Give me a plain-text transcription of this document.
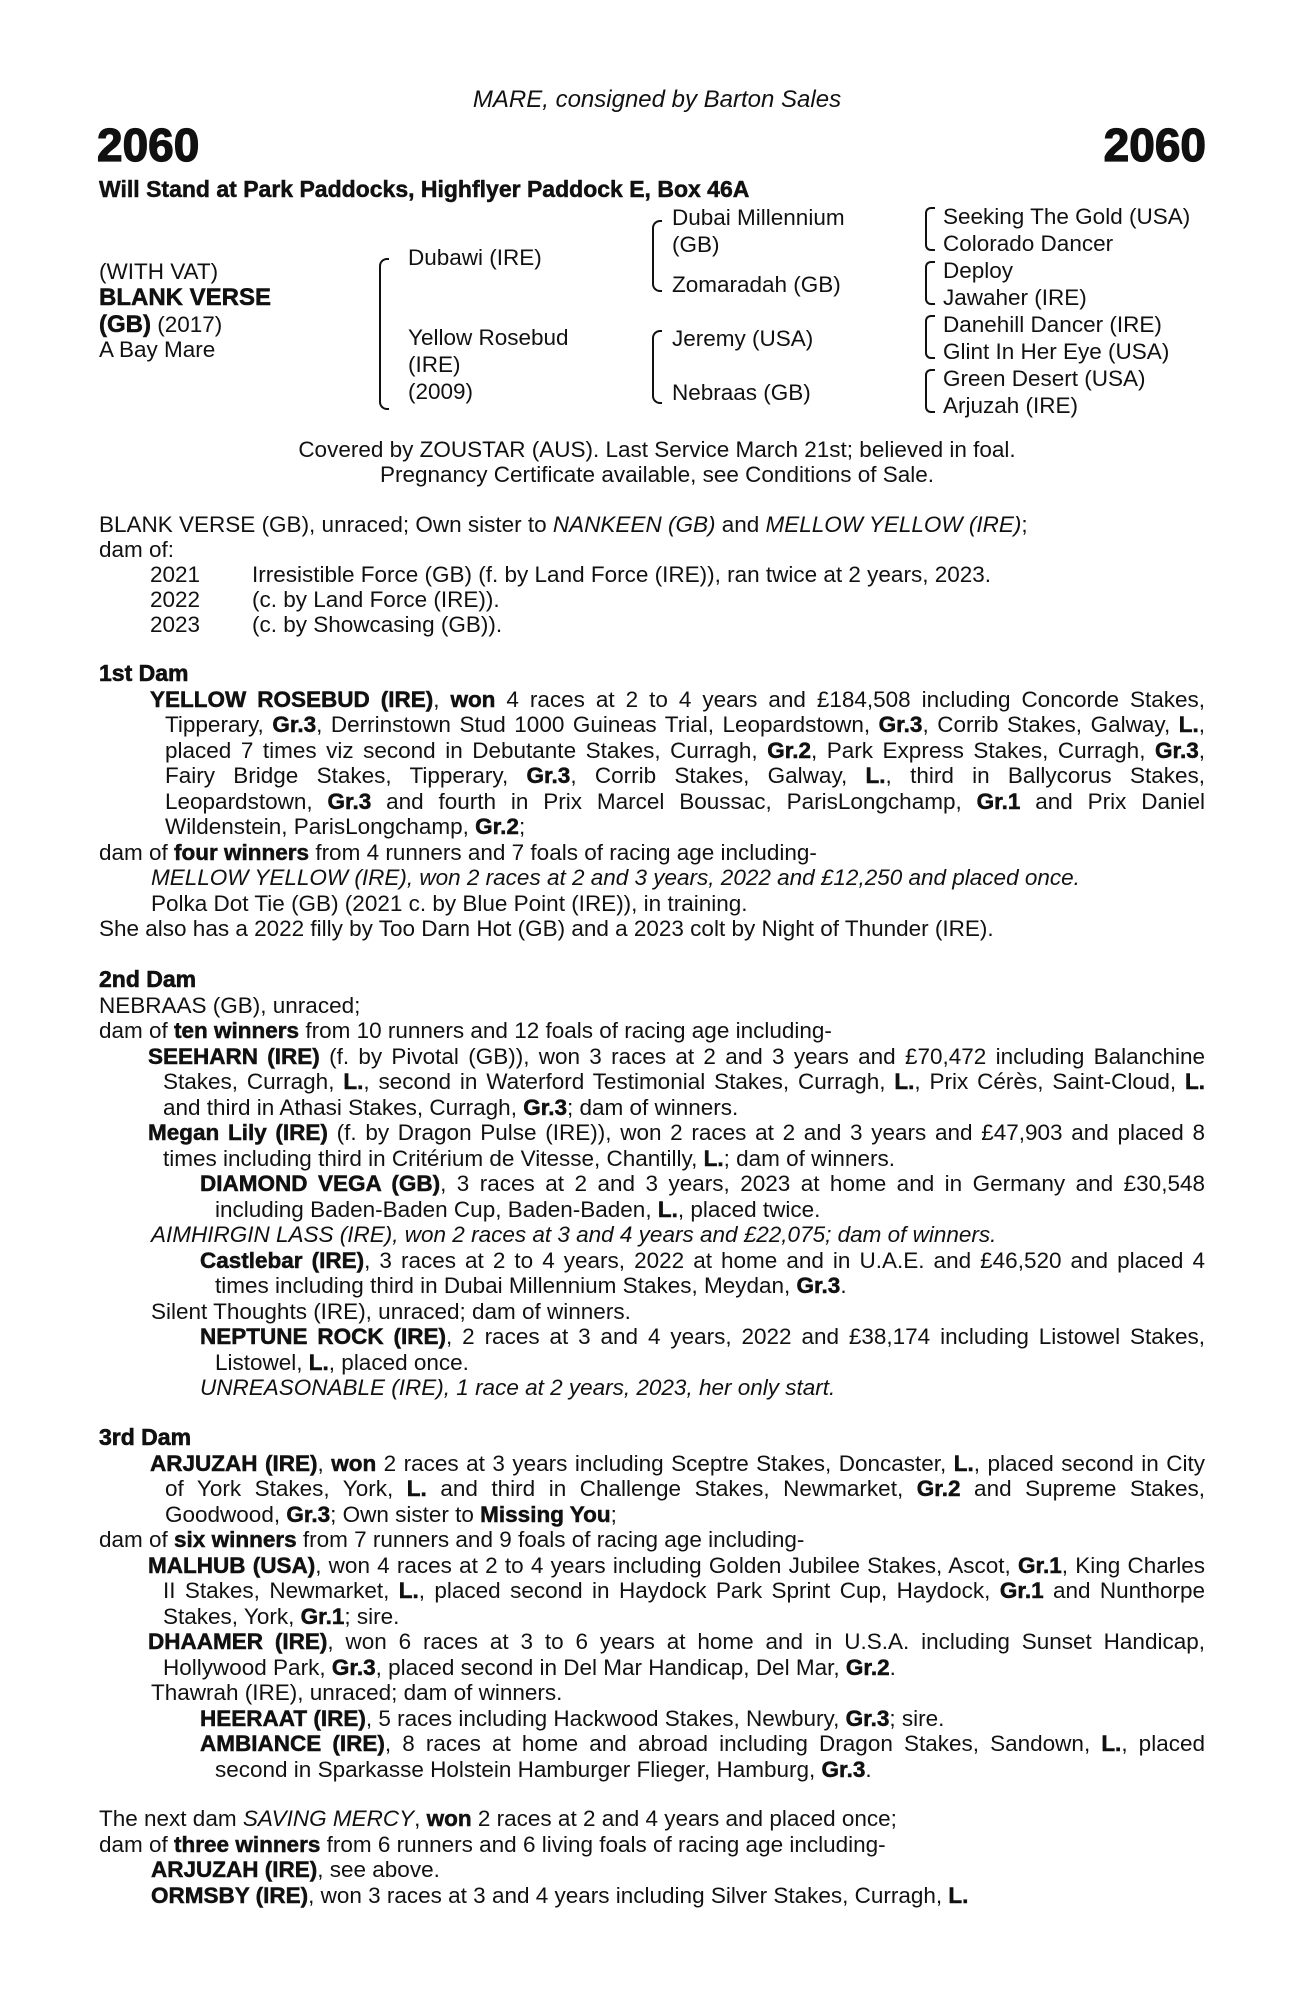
MARE, consigned by Barton Sales
2060	2060
Will Stand at Park Paddocks, Highflyer Paddock E, Box 46A
(WITH VAT)
BLANK VERSE
(GB) (2017)
A Bay Mare
Dubawi (IRE)
Yellow Rosebud
(IRE)
(2009)
Dubai Millennium
(GB)
Zomaradah (GB)
Jeremy (USA)
Nebraas (GB)
Seeking The Gold (USA)
Colorado Dancer
Deploy
Jawaher (IRE)
Danehill Dancer (IRE)
Glint In Her Eye (USA)
Green Desert (USA)
Arjuzah (IRE)
Covered by ZOUSTAR (AUS). Last Service March 21st; believed in foal.
Pregnancy Certificate available, see Conditions of Sale.
BLANK VERSE (GB), unraced; Own sister to NANKEEN (GB) and MELLOW YELLOW (IRE);
dam of:
2021 Irresistible Force (GB) (f. by Land Force (IRE)), ran twice at 2 years, 2023.
2022 (c. by Land Force (IRE)).
2023 (c. by Showcasing (GB)).

1st Dam

YELLOW ROSEBUD (IRE), won 4 races at 2 to 4 years and £184,508 including Concorde Stakes, Tipperary, Gr.3, Derrinstown Stud 1000 Guineas Trial, Leopardstown, Gr.3, Corrib Stakes, Galway, L., placed 7 times viz second in Debutante Stakes, Curragh, Gr.2, Park Express Stakes, Curragh, Gr.3, Fairy Bridge Stakes, Tipperary, Gr.3, Corrib Stakes, Galway, L., third in Ballycorus Stakes, Leopardstown, Gr.3 and fourth in Prix Marcel Boussac, ParisLongchamp, Gr.1 and Prix Daniel Wildenstein, ParisLongchamp, Gr.2;

dam of four winners from 4 runners and 7 foals of racing age including-

MELLOW YELLOW (IRE), won 2 races at 2 and 3 years, 2022 and £12,250 and placed once.

Polka Dot Tie (GB) (2021 c. by Blue Point (IRE)), in training.

She also has a 2022 filly by Too Darn Hot (GB) and a 2023 colt by Night of Thunder (IRE).

2nd Dam

NEBRAAS (GB), unraced;

dam of ten winners from 10 runners and 12 foals of racing age including-

SEEHARN (IRE) (f. by Pivotal (GB)), won 3 races at 2 and 3 years and £70,472 including Balanchine Stakes, Curragh, L., second in Waterford Testimonial Stakes, Curragh, L., Prix Cérès, Saint-Cloud, L. and third in Athasi Stakes, Curragh, Gr.3; dam of winners.

Megan Lily (IRE) (f. by Dragon Pulse (IRE)), won 2 races at 2 and 3 years and £47,903 and placed 8 times including third in Critérium de Vitesse, Chantilly, L.; dam of winners.

DIAMOND VEGA (GB), 3 races at 2 and 3 years, 2023 at home and in Germany and £30,548 including Baden-Baden Cup, Baden-Baden, L., placed twice.

AIMHIRGIN LASS (IRE), won 2 races at 3 and 4 years and £22,075; dam of winners.

Castlebar (IRE), 3 races at 2 to 4 years, 2022 at home and in U.A.E. and £46,520 and placed 4 times including third in Dubai Millennium Stakes, Meydan, Gr.3.

Silent Thoughts (IRE), unraced; dam of winners.

NEPTUNE ROCK (IRE), 2 races at 3 and 4 years, 2022 and £38,174 including Listowel Stakes, Listowel, L., placed once.

UNREASONABLE (IRE), 1 race at 2 years, 2023, her only start.

3rd Dam

ARJUZAH (IRE), won 2 races at 3 years including Sceptre Stakes, Doncaster, L., placed second in City of York Stakes, York, L. and third in Challenge Stakes, Newmarket, Gr.2 and Supreme Stakes, Goodwood, Gr.3; Own sister to Missing You;

dam of six winners from 7 runners and 9 foals of racing age including-

MALHUB (USA), won 4 races at 2 to 4 years including Golden Jubilee Stakes, Ascot, Gr.1, King Charles II Stakes, Newmarket, L., placed second in Haydock Park Sprint Cup, Haydock, Gr.1 and Nunthorpe Stakes, York, Gr.1; sire.

DHAAMER (IRE), won 6 races at 3 to 6 years at home and in U.S.A. including Sunset Handicap, Hollywood Park, Gr.3, placed second in Del Mar Handicap, Del Mar, Gr.2.

Thawrah (IRE), unraced; dam of winners.

HEERAAT (IRE), 5 races including Hackwood Stakes, Newbury, Gr.3; sire.

AMBIANCE (IRE), 8 races at home and abroad including Dragon Stakes, Sandown, L., placed second in Sparkasse Holstein Hamburger Flieger, Hamburg, Gr.3.

The next dam SAVING MERCY, won 2 races at 2 and 4 years and placed once;

dam of three winners from 6 runners and 6 living foals of racing age including-

ARJUZAH (IRE), see above.

ORMSBY (IRE), won 3 races at 3 and 4 years including Silver Stakes, Curragh, L.
